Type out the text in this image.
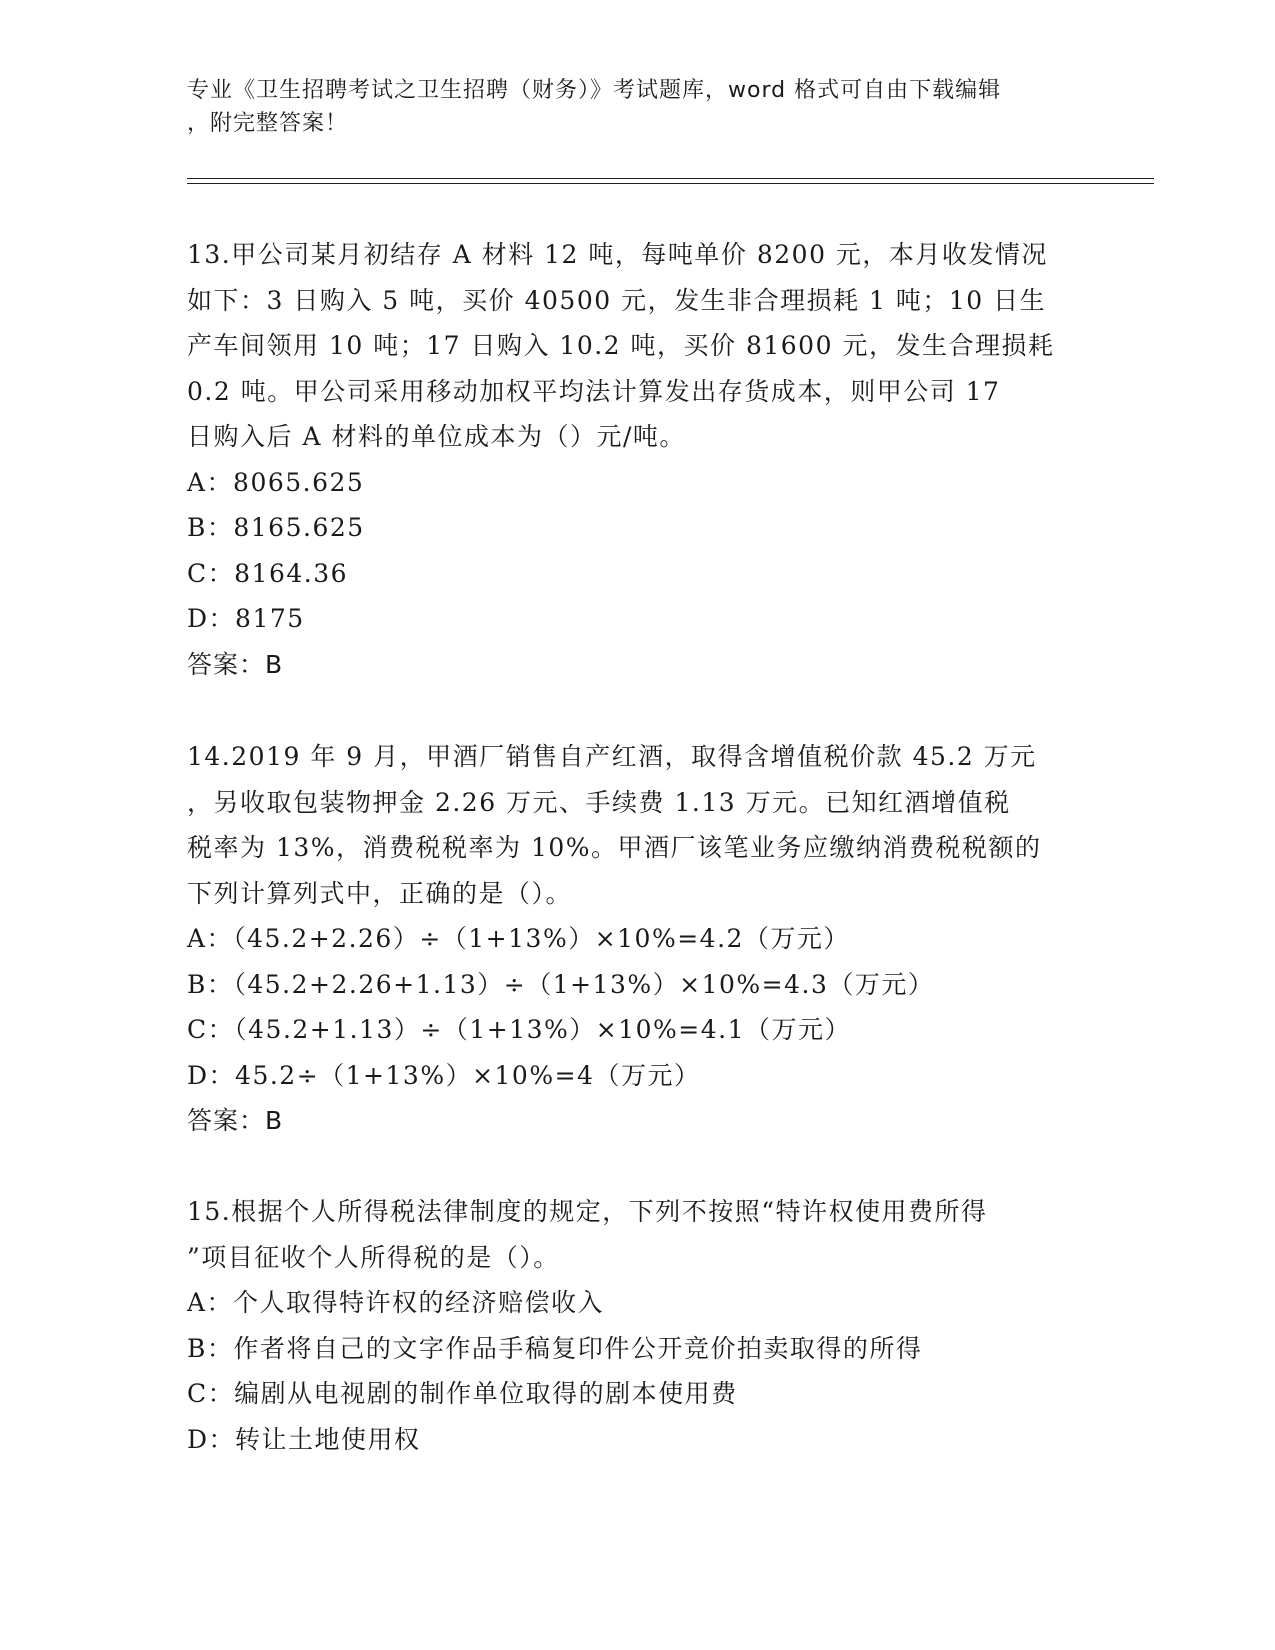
专业《卫生招聘考试之卫生招聘（财务）》考试题库，word 格式可自由下载编辑
，附完整答案！

13.甲公司某月初结存 A 材料 12 吨，每吨单价 8200 元，本月收发情况

如下：3 日购入 5 吨，买价 40500 元，发生非合理损耗 1 吨；10 日生

产车间领用 10 吨；17 日购入 10.2 吨，买价 81600 元，发生合理损耗

0.2 吨。甲公司采用移动加权平均法计算发出存货成本，则甲公司 17

日购入后 A 材料的单位成本为（）元/吨。

A：8065.625

B：8165.625

C：8164.36

D：8175

答案：B

14.2019 年 9 月，甲酒厂销售自产红酒，取得含增值税价款 45.2 万元

，另收取包装物押金 2.26 万元、手续费 1.13 万元。已知红酒增值税

税率为 13%，消费税税率为 10%。甲酒厂该笔业务应缴纳消费税税额的

下列计算列式中，正确的是（）。

A：（45.2+2.26）÷（1+13%）×10%=4.2（万元）

B：（45.2+2.26+1.13）÷（1+13%）×10%=4.3（万元）

C：（45.2+1.13）÷（1+13%）×10%=4.1（万元）

D：45.2÷（1+13%）×10%=4（万元）

答案：B

15.根据个人所得税法律制度的规定，下列不按照“特许权使用费所得

”项目征收个人所得税的是（）。

A：个人取得特许权的经济赔偿收入

B：作者将自己的文字作品手稿复印件公开竞价拍卖取得的所得

C：编剧从电视剧的制作单位取得的剧本使用费

D：转让土地使用权
